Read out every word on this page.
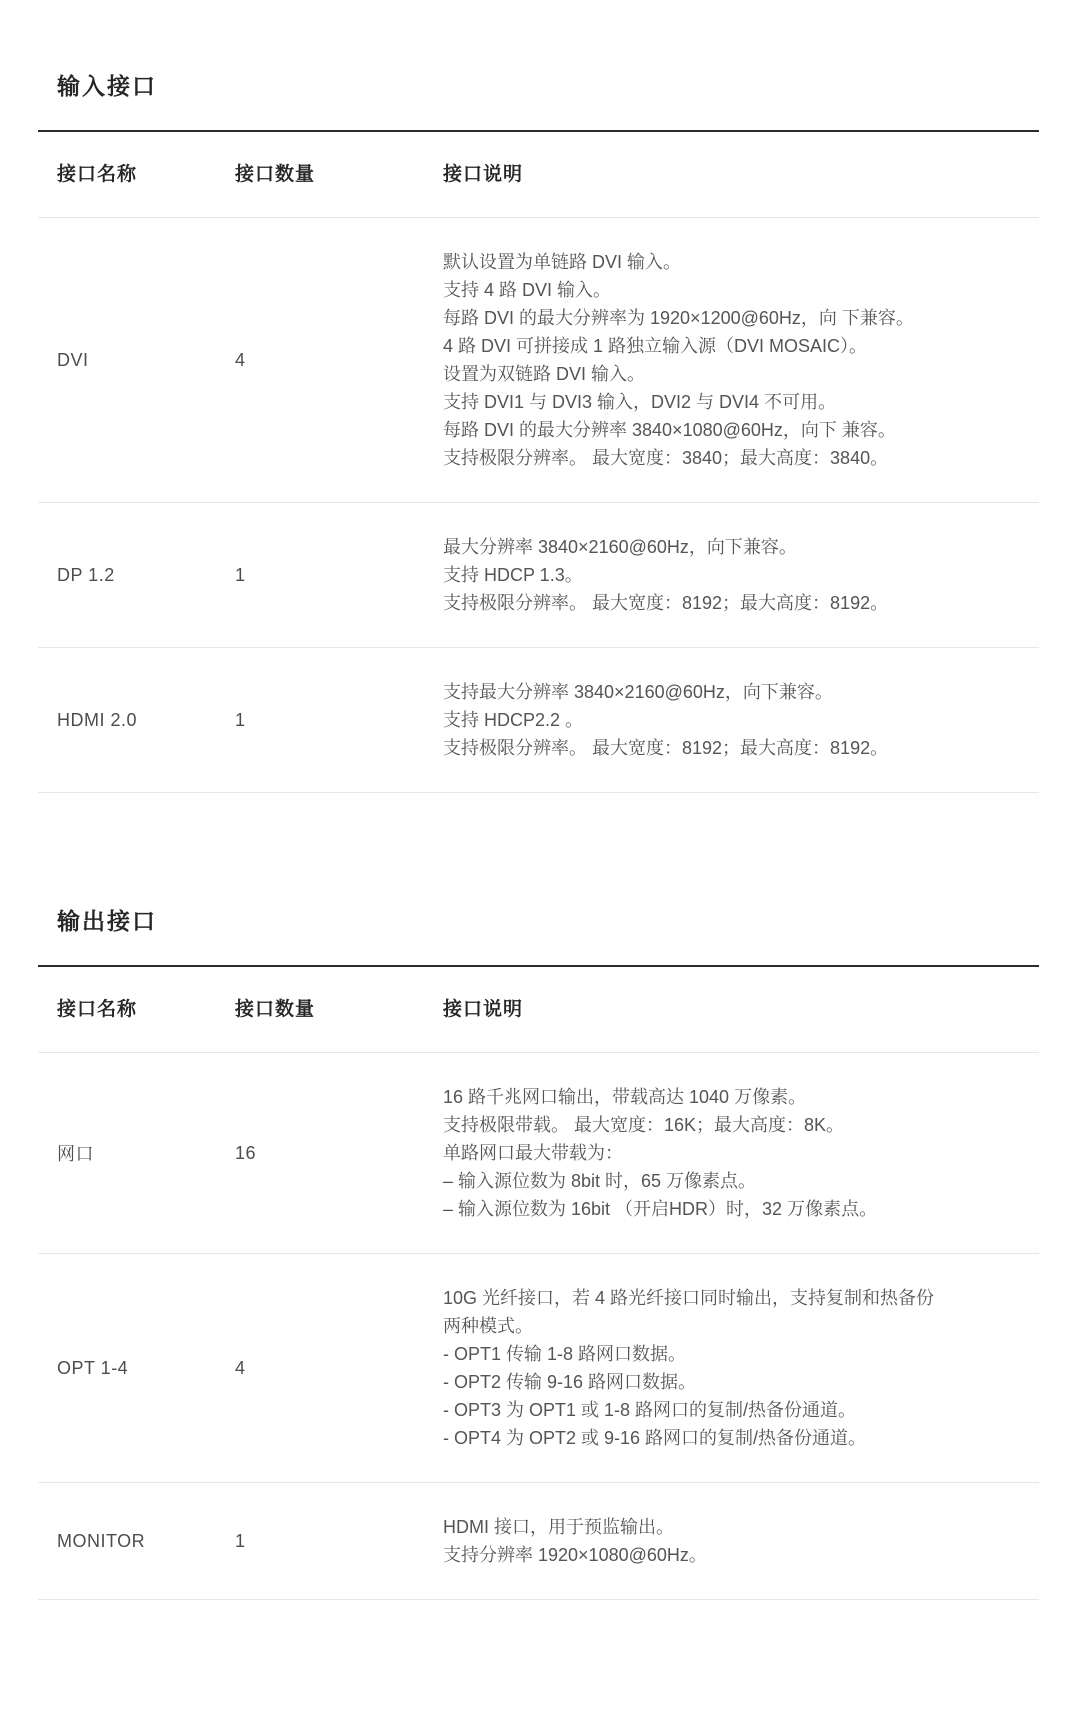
输入接口
接口名称	接口数量	接口说明
DVI	4
默认设置为单链路 DVI 输入。
支持 4 路 DVI 输入。
每路 DVI 的最大分辨率为 1920×1200@60Hz，向 下兼容。
4 路 DVI 可拼接成 1 路独立输入源（DVI MOSAIC）。
设置为双链路 DVI 输入。
支持 DVI1 与 DVI3 输入，DVI2 与 DVI4 不可用。
每路 DVI 的最大分辨率 3840×1080@60Hz，向下 兼容。
支持极限分辨率。 最大宽度：3840；最大高度：3840。
DP 1.2	1
最大分辨率 3840×2160@60Hz，向下兼容。
支持 HDCP 1.3。
支持极限分辨率。 最大宽度：8192；最大高度：8192。
HDMI 2.0	1
支持最大分辨率 3840×2160@60Hz，向下兼容。
支持 HDCP2.2 。
支持极限分辨率。 最大宽度：8192；最大高度：8192。
输出接口
接口名称	接口数量	接口说明
网口	16
16 路千兆网口输出，带载高达 1040 万像素。
支持极限带载。 最大宽度：16K；最大高度：8K。
单路网口最大带载为：
– 输入源位数为 8bit 时，65 万像素点。
– 输入源位数为 16bit （开启HDR）时，32 万像素点。
OPT 1-4	4
10G 光纤接口，若 4 路光纤接口同时输出，支持复制和热备份
两种模式。
- OPT1 传输 1-8 路网口数据。
- OPT2 传输 9-16 路网口数据。
- OPT3 为 OPT1 或 1-8 路网口的复制/热备份通道。
- OPT4 为 OPT2 或 9-16 路网口的复制/热备份通道。
MONITOR	1
HDMI 接口，用于预监输出。
支持分辨率 1920×1080@60Hz。
